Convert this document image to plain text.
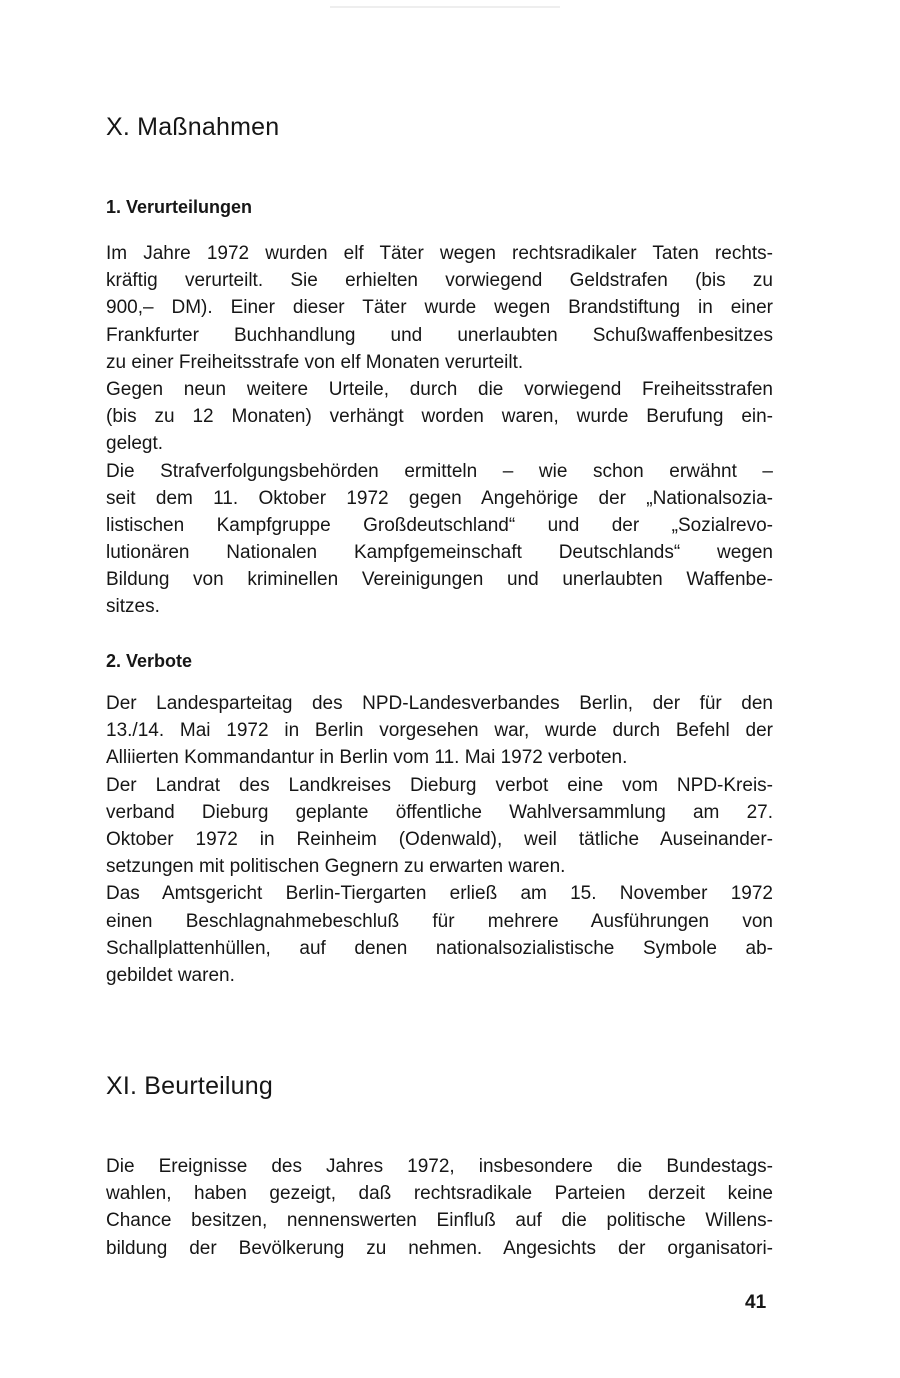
X. Maßnahmen
1. Verurteilungen
Im Jahre 1972 wurden elf Täter wegen rechtsradikaler Taten rechts-
kräftig verurteilt. Sie erhielten vorwiegend Geldstrafen (bis zu
900,– DM). Einer dieser Täter wurde wegen Brandstiftung in einer
Frankfurter Buchhandlung und unerlaubten Schußwaffenbesitzes
zu einer Freiheitsstrafe von elf Monaten verurteilt.
Gegen neun weitere Urteile, durch die vorwiegend Freiheitsstrafen
(bis zu 12 Monaten) verhängt worden waren, wurde Berufung ein-
gelegt.
Die Strafverfolgungsbehörden ermitteln – wie schon erwähnt –
seit dem 11. Oktober 1972 gegen Angehörige der „Nationalsozia-
listischen Kampfgruppe Großdeutschland“ und der „Sozialrevo-
lutionären Nationalen Kampfgemeinschaft Deutschlands“ wegen
Bildung von kriminellen Vereinigungen und unerlaubten Waffenbe-
sitzes.
2. Verbote
Der Landesparteitag des NPD-Landesverbandes Berlin, der für den
13./14. Mai 1972 in Berlin vorgesehen war, wurde durch Befehl der
Alliierten Kommandantur in Berlin vom 11. Mai 1972 verboten.
Der Landrat des Landkreises Dieburg verbot eine vom NPD-Kreis-
verband Dieburg geplante öffentliche Wahlversammlung am 27.
Oktober 1972 in Reinheim (Odenwald), weil tätliche Auseinander-
setzungen mit politischen Gegnern zu erwarten waren.
Das Amtsgericht Berlin-Tiergarten erließ am 15. November 1972
einen Beschlagnahmebeschluß für mehrere Ausführungen von
Schallplattenhüllen, auf denen nationalsozialistische Symbole ab-
gebildet waren.
XI. Beurteilung
Die Ereignisse des Jahres 1972, insbesondere die Bundestags-
wahlen, haben gezeigt, daß rechtsradikale Parteien derzeit keine
Chance besitzen, nennenswerten Einfluß auf die politische Willens-
bildung der Bevölkerung zu nehmen. Angesichts der organisatori-
41
